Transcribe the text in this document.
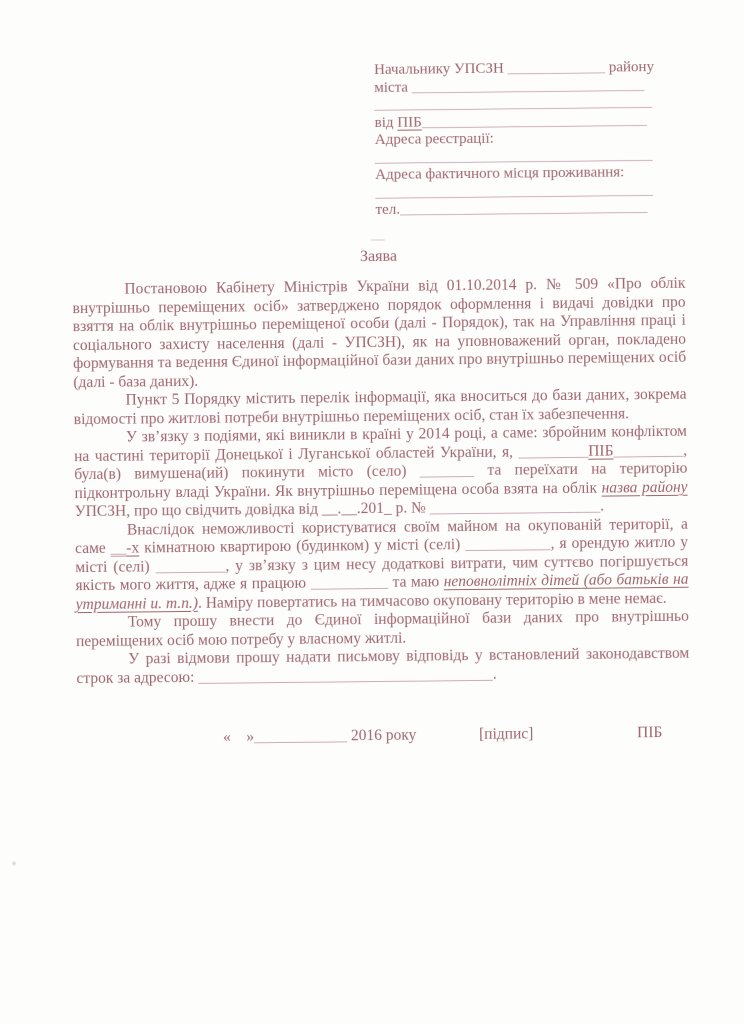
Начальнику УПСЗН _____________ району
міста _______________________________
_____________________________________
від ПІБ______________________________
Адреса реєстрації:
_____________________________________
Адреса фактичного місця проживання:
_____________________________________
тел._________________________________
Заява

Постановою Кабінету Міністрів України від 01.10.2014 р. № 509 «Про облік внутрішньо переміщених осіб» затверджено порядок оформлення і видачі довідки про взяття на облік внутрішньо переміщеної особи (далі - Порядок), так на Управління праці і соціального захисту населення (далі - УПСЗН), як на уповноважений орган, покладено формування та ведення Єдиної інформаційної бази даних про внутрішньо переміщених осіб (далі - база даних).

Пункт 5 Порядку містить перелік інформації, яка вноситься до бази даних, зокрема відомості про житлові потреби внутрішньо переміщених осіб, стан їх забезпечення.

У зв’язку з подіями, які виникли в країні у 2014 році, а саме: збройним конфліктом на частині території Донецької і Луганської областей України, я, _________ПІБ_________, була(в) вимушена(ий) покинути місто (село) _______ та переїхати на територію підконтрольну владі України. Як внутрішньо переміщена особа взята на облік назва району УПСЗН, про що свідчить довідка від __.__.201_ р. № ______________________.

Внаслідок неможливості користуватися своїм майном на окупованій території, а саме __-х кімнатною квартирою (будинком) у місті (селі) ___________, я орендую житло у місті (селі) _________, у зв’язку з цим несу додаткові витрати, чим суттєво погіршується якість мого життя, адже я працюю __________ та маю неповнолітніх дітей (або батьків на утриманні и. т.п.). Наміру повертатись на тимчасово окуповану територію в мене немає.

Тому прошу внести до Єдиної інформаційної бази даних про внутрішньо переміщених осіб мою потребу у власному житлі.

У разі відмови прошу надати письмову відповідь у встановлений законодавством строк за адресою: ______________________________________.

«    »____________ 2016 року	[підпис]	ПІБ
